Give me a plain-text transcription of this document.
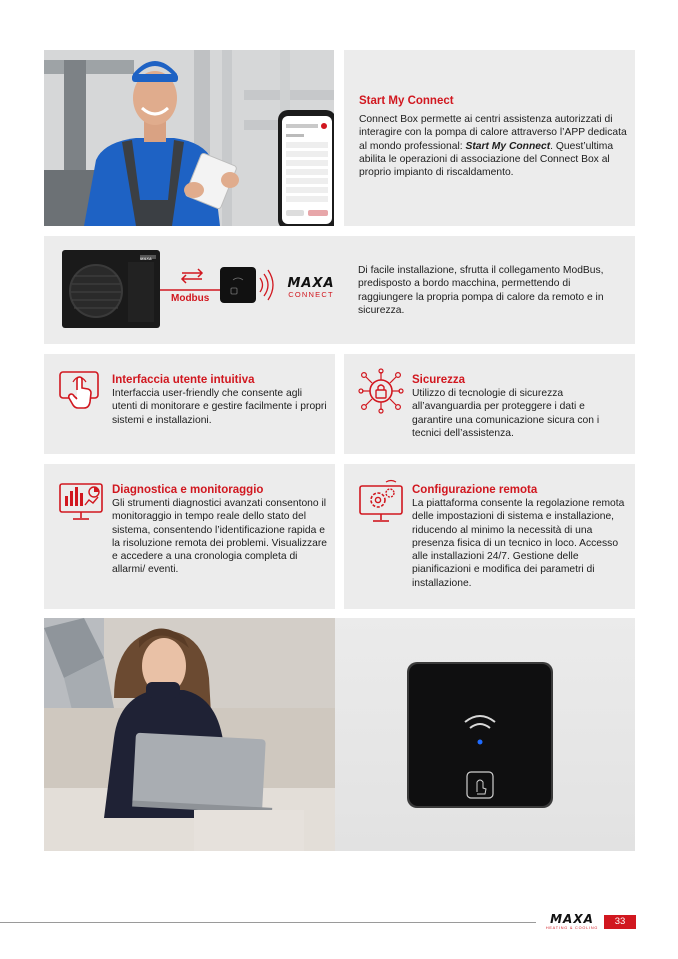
Start My Connect
Connect Box permette ai centri assistenza autorizzati di interagire con la pompa di calore attraverso l’APP dedicata al mondo professional: Start My Connect. Quest’ultima abilita le operazioni di associazione del Connect Box al proprio impianto di riscaldamento.
Modbus
MAXA
MAXA
CONNECT
Di facile installazione, sfrutta il collegamento ModBus, predisposto a bordo macchina, permettendo di raggiungere la propria pompa di calore da remoto e in sicurezza.
Interfaccia utente intuitiva
Interfaccia user-friendly che consente agli utenti di monitorare e gestire facilmente i propri sistemi e installazioni.
Sicurezza
Utilizzo di tecnologie di sicurezza all’avanguardia per proteggere i dati e garantire una comunicazione sicura con i tecnici dell’assistenza.
Diagnostica e monitoraggio
Gli strumenti diagnostici avanzati consentono il monitoraggio in tempo reale dello stato del sistema, consentendo l’identificazione rapida e la risoluzione remota dei problemi. Visualizzare e accedere a una cronologia completa di allarmi/ eventi.
Configurazione remota
La piattaforma consente la regolazione remota delle impostazioni di sistema e installazione, riducendo al minimo la necessità di una presenza fisica di un tecnico in loco. Accesso alle installazioni 24/7. Gestione delle pianificazioni e modifica dei parametri di installazione.
MAXA
HEATING & COOLING
33
